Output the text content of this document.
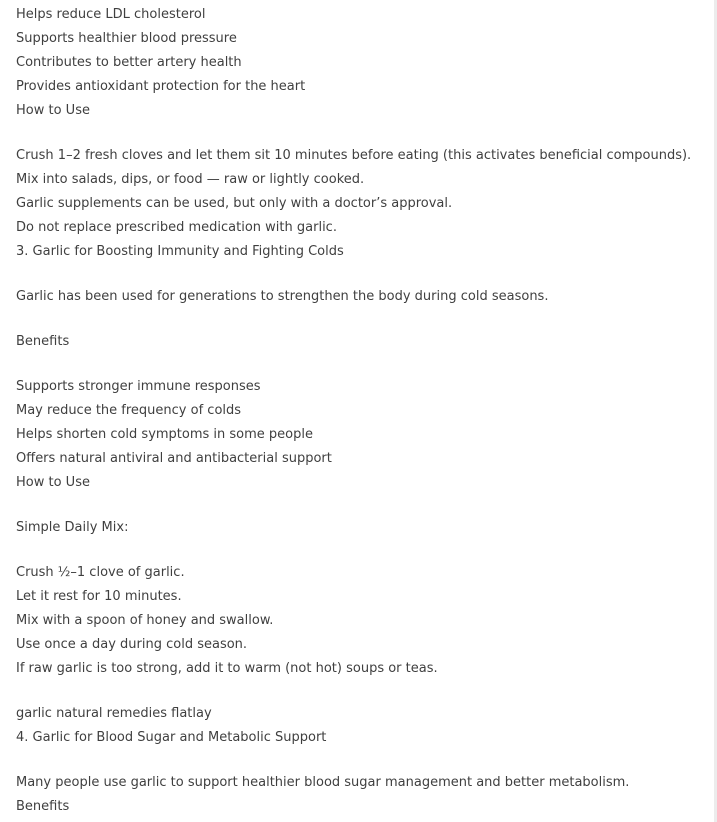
Helps reduce LDL cholesterol
Supports healthier blood pressure
Contributes to better artery health
Provides antioxidant protection for the heart
How to Use
Crush 1–2 fresh cloves and let them sit 10 minutes before eating (this activates beneficial compounds).
Mix into salads, dips, or food — raw or lightly cooked.
Garlic supplements can be used, but only with a doctor’s approval.
Do not replace prescribed medication with garlic.
3. Garlic for Boosting Immunity and Fighting Colds
Garlic has been used for generations to strengthen the body during cold seasons.
Benefits
Supports stronger immune responses
May reduce the frequency of colds
Helps shorten cold symptoms in some people
Offers natural antiviral and antibacterial support
How to Use
Simple Daily Mix:
Crush ½–1 clove of garlic.
Let it rest for 10 minutes.
Mix with a spoon of honey and swallow.
Use once a day during cold season.
If raw garlic is too strong, add it to warm (not hot) soups or teas.
garlic natural remedies flatlay
4. Garlic for Blood Sugar and Metabolic Support
Many people use garlic to support healthier blood sugar management and better metabolism.
Benefits
